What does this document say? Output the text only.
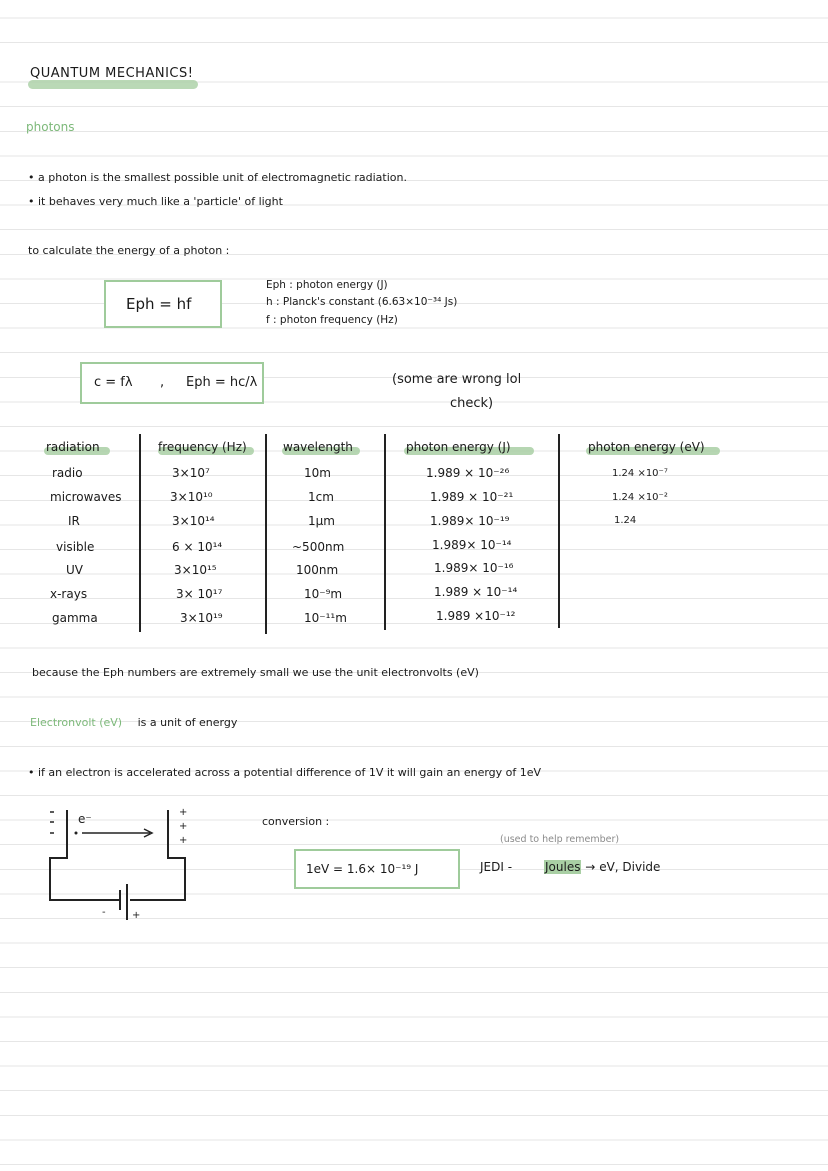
QUANTUM MECHANICS!
photons
• a photon is the smallest possible unit of electromagnetic radiation.
• it behaves very much like a 'particle' of light
to calculate the energy of a photon :
Eph = hf
Eph : photon energy (J)
h : Planck's constant (6.63×10⁻³⁴ Js)
f : photon frequency (Hz)
c = fλ , Eph = hc/λ	(some are wrong lol
check)
radiation	frequency (Hz)	wavelength	photon energy (J)	photon energy (eV)
radio	3×10⁷	10m	1.989 × 10⁻²⁶	1.24 ×10⁻⁷
microwaves	3×10¹⁰	1cm	1.989 × 10⁻²¹	1.24 ×10⁻²
IR	3×10¹⁴	1μm	1.989× 10⁻¹⁹	1.24
visible	6 × 10¹⁴	~500nm	1.989× 10⁻¹⁴
UV	3×10¹⁵	100nm	1.989× 10⁻¹⁶
x-rays	3× 10¹⁷	10⁻⁹m	1.989 × 10⁻¹⁴
gamma	3×10¹⁹	10⁻¹¹m	1.989 ×10⁻¹²
because the Eph numbers are extremely small we use the unit electronvolts (eV)
Electronvolt (eV) is a unit of energy
• if an electron is accelerated across a potential difference of 1V it will gain an energy of 1eV
e⁻	+
+
+
-	+
conversion :
1eV = 1.6× 10⁻¹⁹ J
(used to help remember)
JEDI -	Joules → eV, Divide
